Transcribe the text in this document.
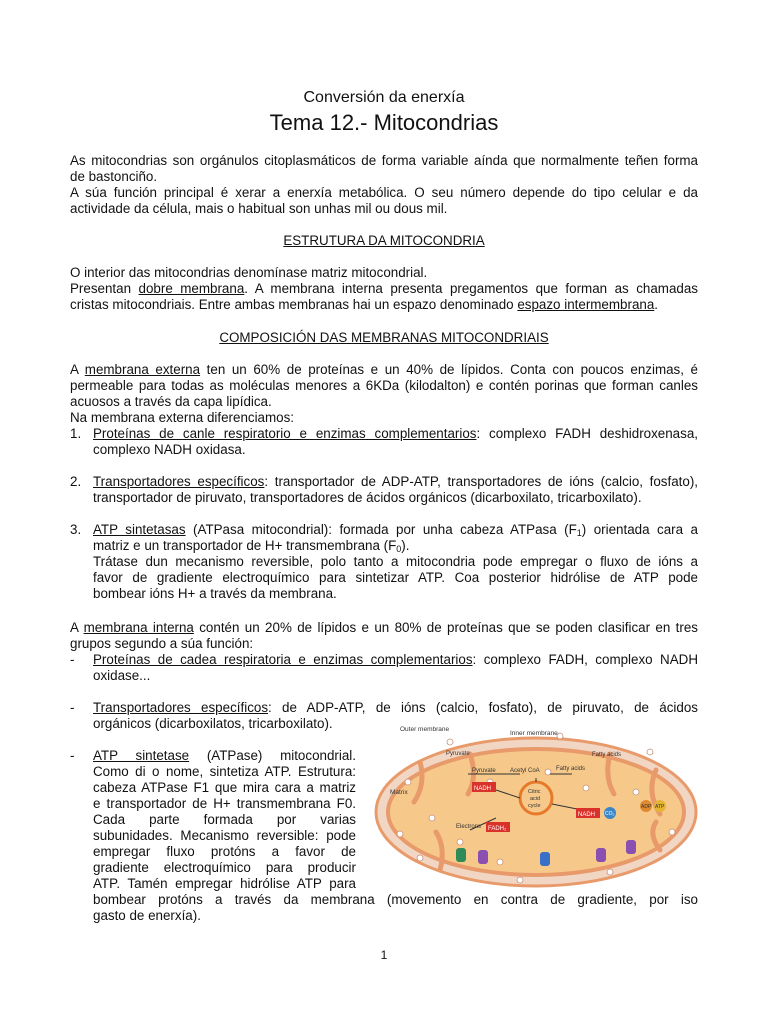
Conversión da enerxía
Tema 12.- Mitocondrias
As mitocondrias son orgánulos citoplasmáticos de forma variable aínda que normalmente teñen forma
de bastonciño.
A súa función principal é xerar a enerxía metabólica. O seu número depende do tipo celular e da
actividade da célula, mais o habitual son unhas mil ou dous mil.
ESTRUTURA DA MITOCONDRIA
O interior das mitocondrias denomínase matriz mitocondrial.
Presentan dobre membrana. A membrana interna presenta pregamentos que forman as chamadas
cristas mitocondriais. Entre ambas membranas hai un espazo denominado espazo intermembrana.
COMPOSICIÓN DAS MEMBRANAS MITOCONDRIAIS
A membrana externa ten un 60% de proteínas e un 40% de lípidos. Conta con poucos enzimas, é
permeable para todas as moléculas menores a 6KDa (kilodalton) e contén porinas que forman canles
acuosos a través da capa lipídica.
Na membrana externa diferenciamos:
1. Proteínas de canle respiratorio e enzimas complementarios: complexo FADH deshidroxenasa,
complexo NADH oxidasa.
2. Transportadores específicos: transportador de ADP-ATP, transportadores de ións (calcio, fosfato),
transportador de piruvato, transportadores de ácidos orgánicos (dicarboxilato, tricarboxilato).
3. ATP sintetasas (ATPasa mitocondrial): formada por unha cabeza ATPasa $(F_1)$ orientada cara a
matriz e un transportador de H+ transmembrana $(F_0)$.
Trátase dun mecanismo reversible, polo tanto a mitocondria pode empregar o fluxo de ións a
favor de gradiente electroquímico para sintetizar ATP. Coa posterior hidrólise de ATP pode
bombear ións H+ a través da membrana.
A membrana interna contén un 20% de lípidos e un 80% de proteínas que se poden clasificar en tres
grupos segundo a súa función:
- Proteínas de cadea respiratoria e enzimas complementarios: complexo FADH, complexo NADH
oxidase...
- Transportadores específicos: de ADP-ATP, de ións (calcio, fosfato), de piruvato, de ácidos
orgánicos (dicarboxilatos, tricarboxilato).
- ATP sintetase (ATPase) mitocondrial.
Como di o nome, sintetiza ATP. Estrutura:
cabeza ATPase F1 que mira cara a matriz
e transportador de H+ transmembrana F0.
Cada parte formada por varias
subunidades. Mecanismo reversible: pode
empregar fluxo protóns a favor de
gradiente electroquímico para producir
ATP. Tamén empregar hidrólise ATP para
bombear protóns a través da membrana (movemento en contra de gradiente, por iso
gasto de enerxía).
Outer membrane
Inner membrane
Pyruvate	Fatty acids
Pyruvate Acetyl CoA	Fatty acids
Matrix	NADH	Citric
acid
cycle
NADH CO₂
Electrons FADH₂
ATP
ADP
1
